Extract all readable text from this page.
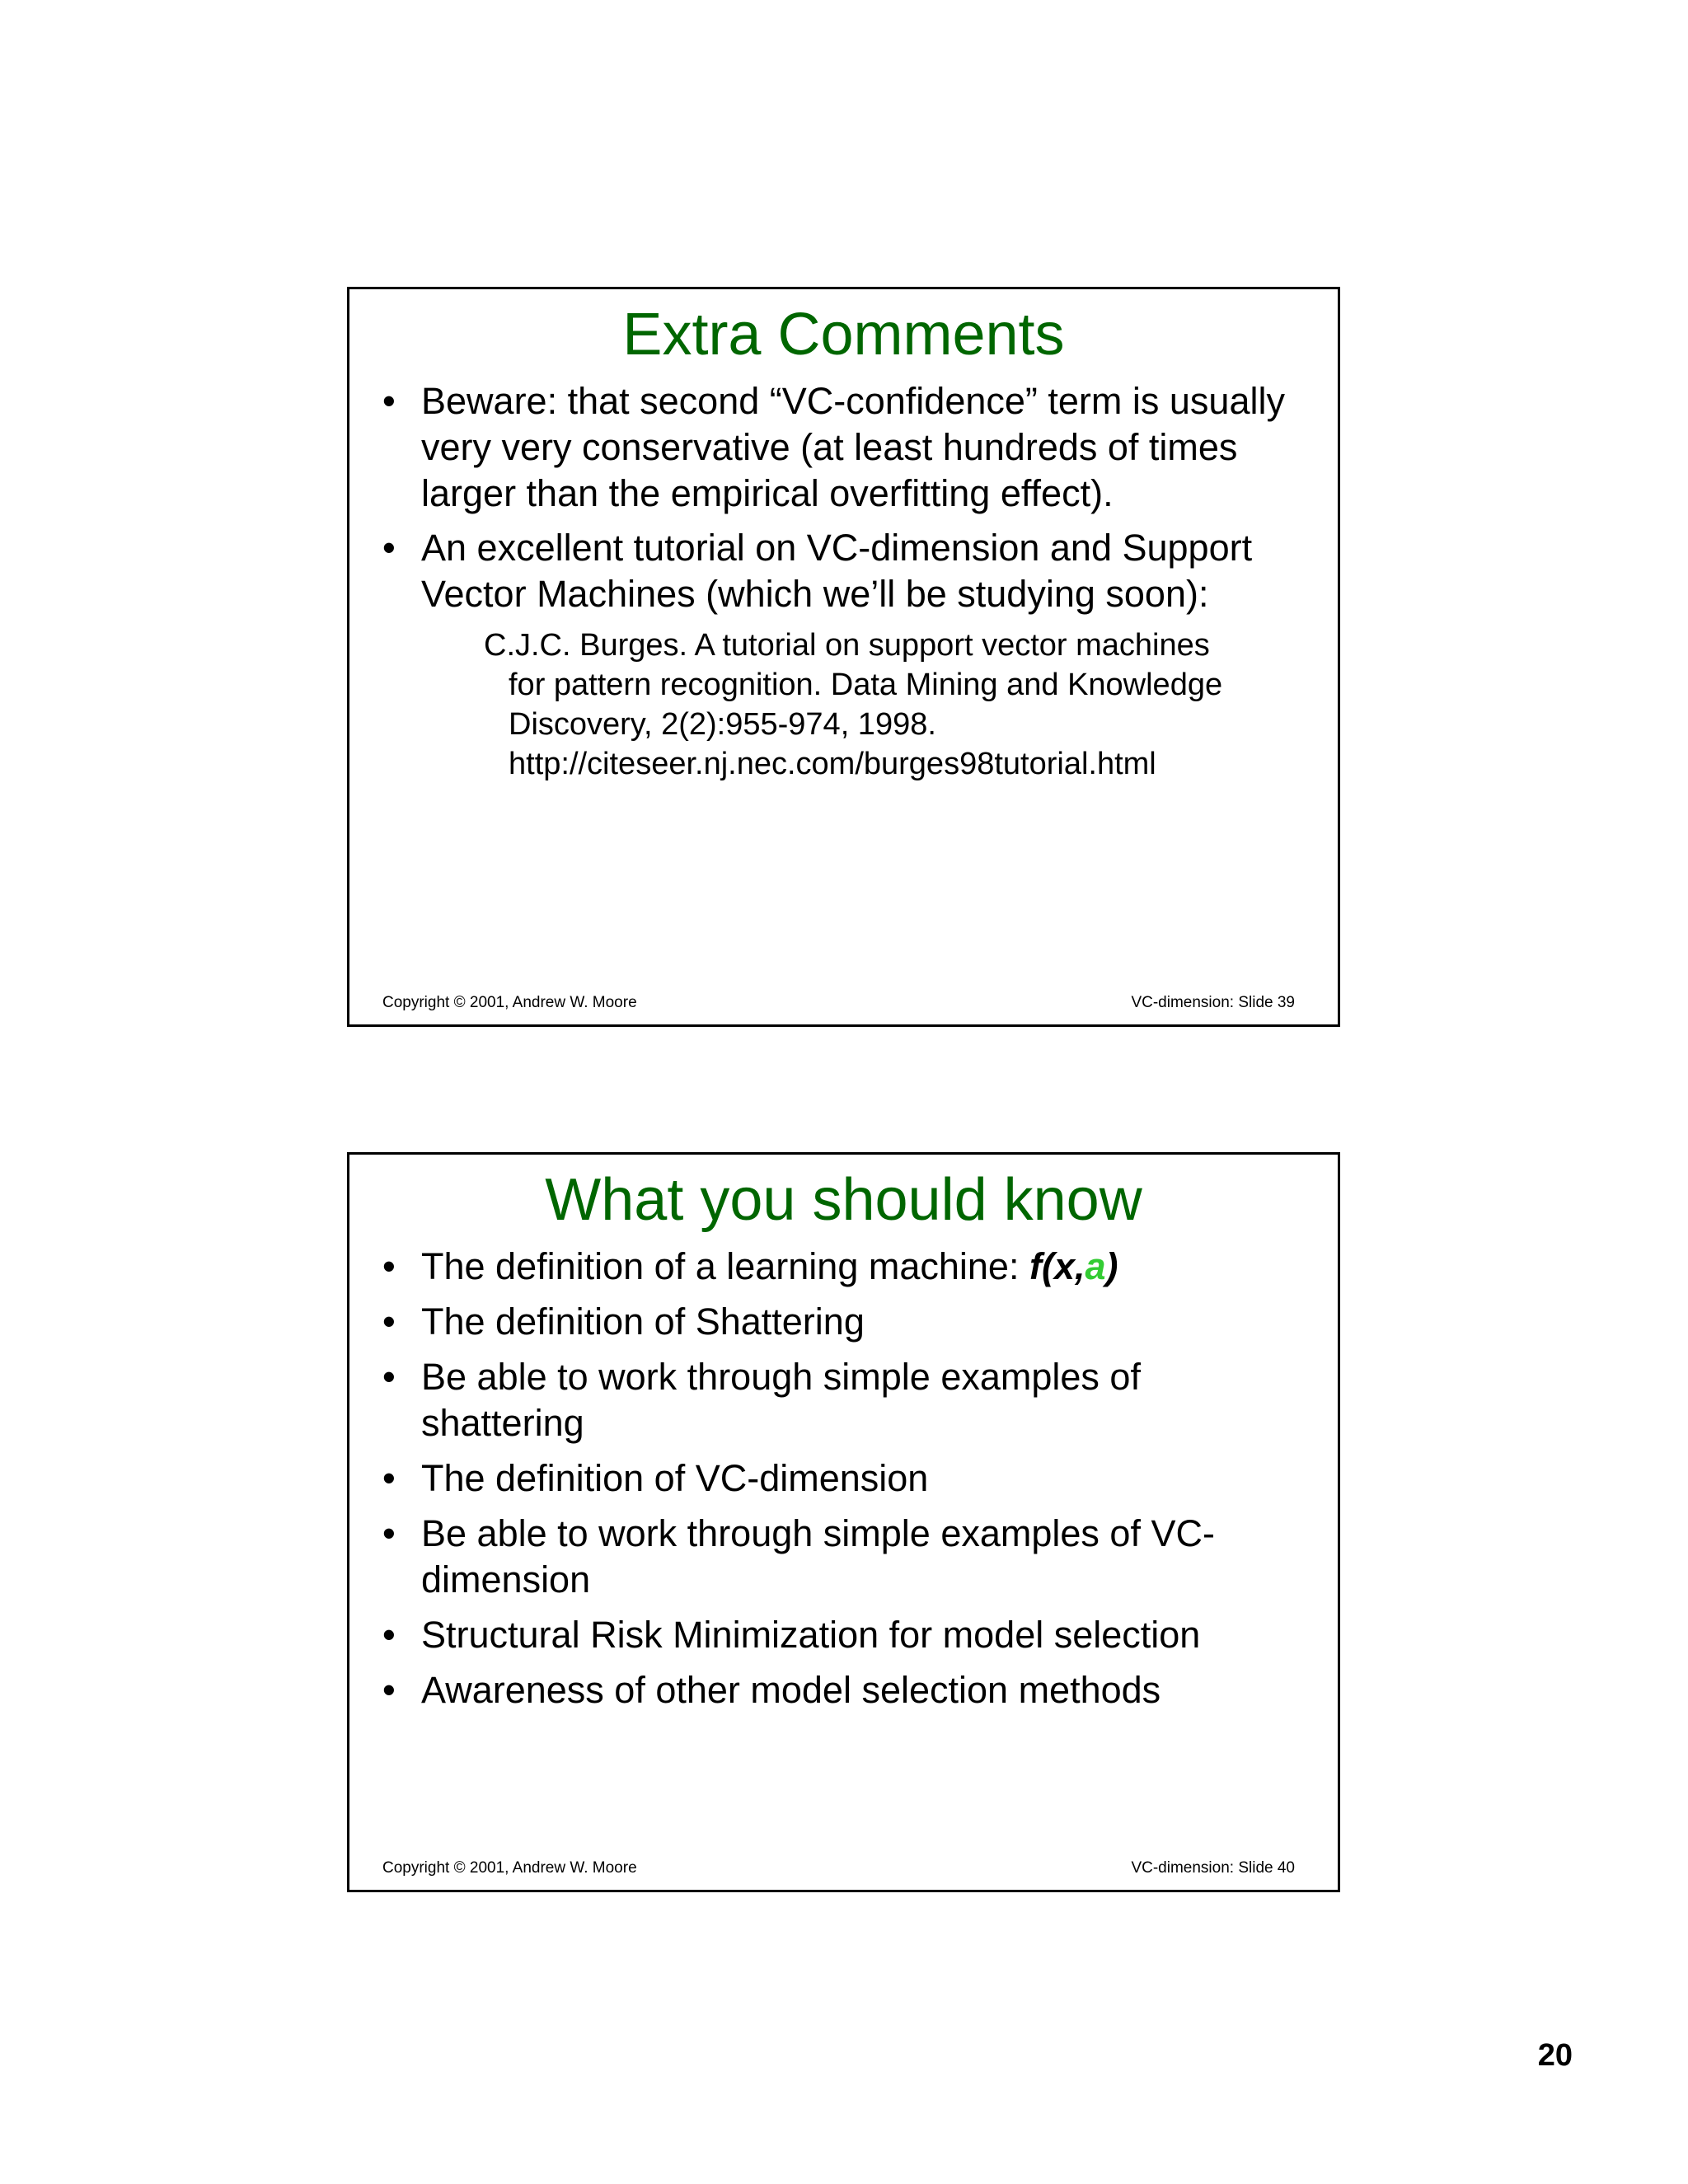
Extra Comments
• Beware: that second “VC-confidence” term is usually very very conservative (at least hundreds of times larger than the empirical overfitting effect).
• An excellent tutorial on VC-dimension and Support Vector Machines (which we’ll be studying soon):

C.J.C. Burges. A tutorial on support vector machines
for pattern recognition. Data Mining and Knowledge Discovery, 2(2):955-974, 1998.
http://citeseer.nj.nec.com/burges98tutorial.html

Copyright © 2001, Andrew W. Moore	VC-dimension: Slide 39
What you should know
• The definition of a learning machine: f(x,a)
• The definition of Shattering
• Be able to work through simple examples of shattering
• The definition of VC-dimension
• Be able to work through simple examples of VC-dimension
• Structural Risk Minimization for model selection
• Awareness of other model selection methods
Copyright © 2001, Andrew W. Moore	VC-dimension: Slide 40
20
